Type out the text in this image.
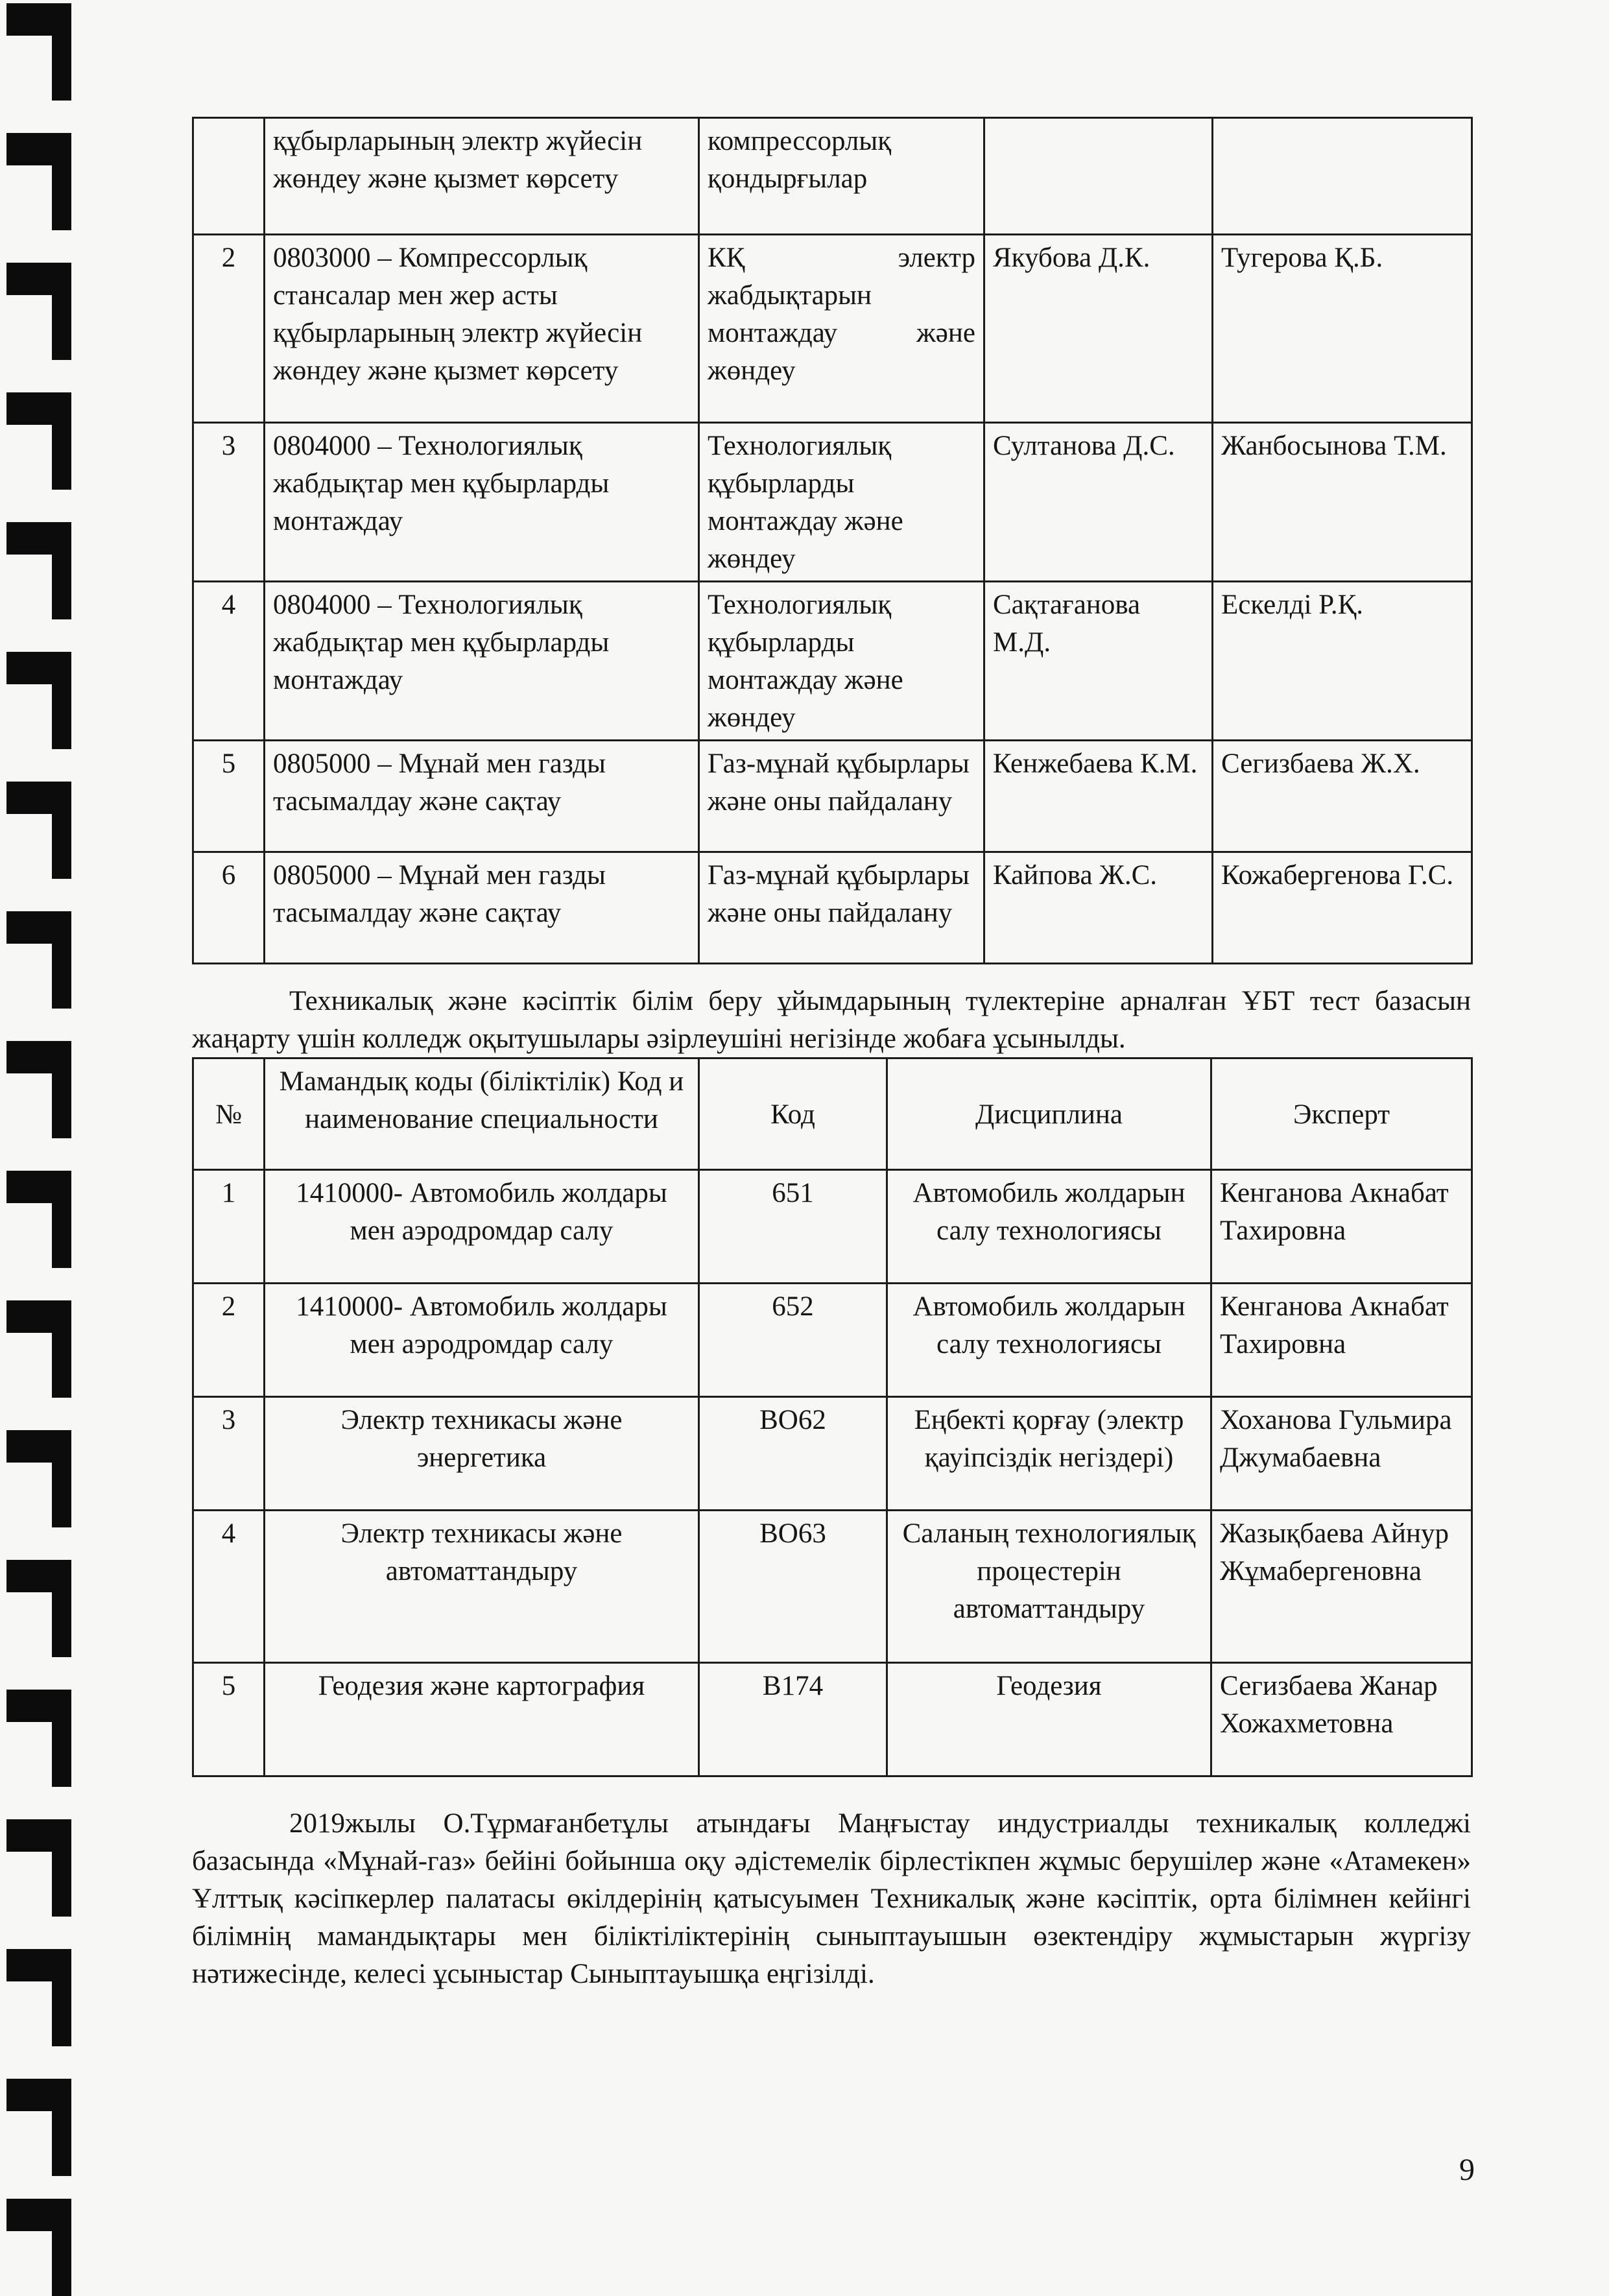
	құбырларының электр жүйесін жөндеу және қызмет көрсету	компрессорлық қондырғылар		
2	0803000 – Компрессорлық стансалар мен жер асты құбырларының электр жүйесін жөндеу және қызмет көрсету	КҚ электр жабдықтарын монтаждау және жөндеу	Якубова Д.К.	Тугерова Қ.Б.
3	0804000 – Технологиялық жабдықтар мен құбырларды монтаждау	Технологиялық құбырларды монтаждау және жөндеу	Султанова Д.С.	Жанбосынова Т.М.
4	0804000 – Технологиялық жабдықтар мен құбырларды монтаждау	Технологиялық құбырларды монтаждау және жөндеу	Сақтағанова М.Д.	Ескелді Р.Қ.
5	0805000 – Мұнай мен газды тасымалдау және сақтау	Газ-мұнай құбырлары және оны пайдалану	Кенжебаева К.М.	Сегизбаева Ж.Х.
6	0805000 – Мұнай мен газды тасымалдау және сақтау	Газ-мұнай құбырлары және оны пайдалану	Кайпова Ж.С.	Кожабергенова Г.С.

Техникалық және кәсіптік білім беру ұйымдарының түлектеріне арналған ҰБТ тест базасын жаңарту үшін колледж оқытушылары әзірлеушіні негізінде жобаға ұсынылды.

№	Мамандық коды (біліктілік) Код и наименование специальности	Код	Дисциплина	Эксперт
1	1410000- Автомобиль жолдары мен аэродромдар салу	651	Автомобиль жолдарын салу технологиясы	Кенганова Акнабат Тахировна
2	1410000- Автомобиль жолдары мен аэродромдар салу	652	Автомобиль жолдарын салу технологиясы	Кенганова Акнабат Тахировна
3	Электр техникасы және энергетика	ВО62	Еңбекті қорғау (электр қауіпсіздік негіздері)	Хоханова Гульмира Джумабаевна
4	Электр техникасы және автоматтандыру	ВО63	Саланың технологиялық процестерін автоматтандыру	Жазықбаева Айнур Жұмабергеновна
5	Геодезия және картография	В174	Геодезия	Сегизбаева Жанар Хожахметовна

2019жылы О.Тұрмағанбетұлы атындағы Маңғыстау индустриалды техникалық колледжі базасында «Мұнай-газ» бейіні бойынша оқу әдістемелік бірлестікпен жұмыс берушілер және «Атамекен» Ұлттық кәсіпкерлер палатасы өкілдерінің қатысуымен Техникалық және кәсіптік, орта білімнен кейінгі білімнің мамандықтары мен біліктіліктерінің сыныптауышын өзектендіру жұмыстарын жүргізу нәтижесінде, келесі ұсыныстар Сыныптауышқа еңгізілді.

9
